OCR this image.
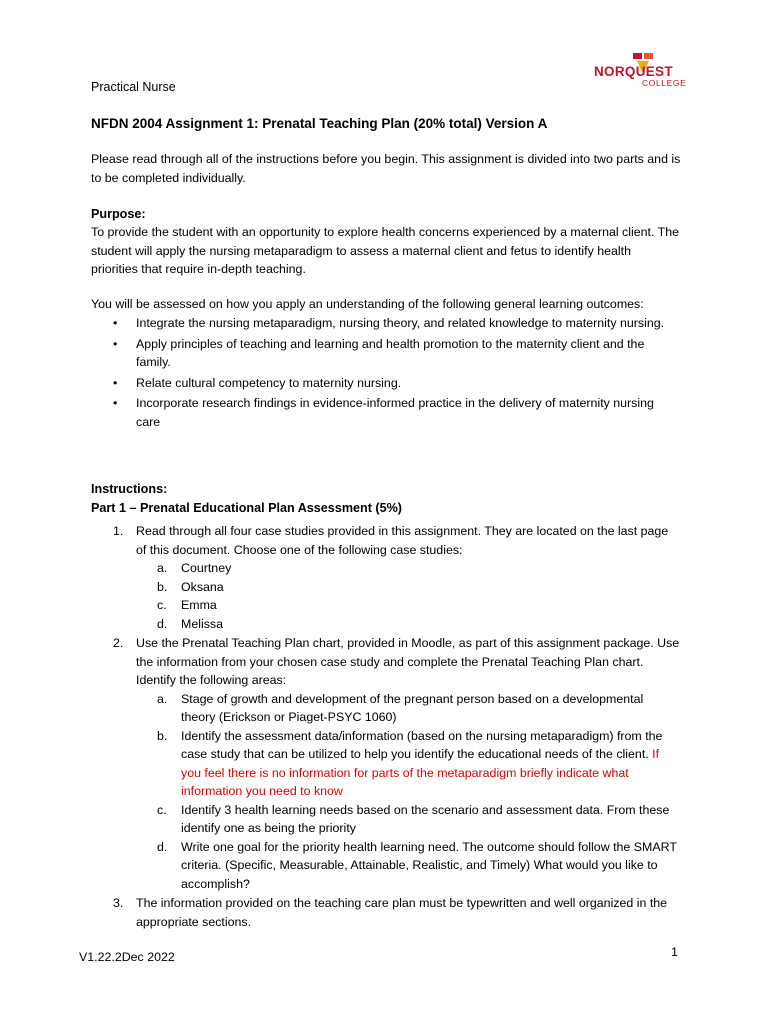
NORQUEST
COLLEGE
Practical Nurse
NFDN 2004 Assignment 1: Prenatal Teaching Plan (20% total) Version A
Please read through all of the instructions before you begin. This assignment is divided into two parts and is to be completed individually.
Purpose:
To provide the student with an opportunity to explore health concerns experienced by a maternal client. The student will apply the nursing metaparadigm to assess a maternal client and fetus to identify health priorities that require in-depth teaching.
You will be assessed on how you apply an understanding of the following general learning outcomes:
• Integrate the nursing metaparadigm, nursing theory, and related knowledge to maternity nursing.
• Apply principles of teaching and learning and health promotion to the maternity client and the family.
• Relate cultural competency to maternity nursing.
• Incorporate research findings in evidence-informed practice in the delivery of maternity nursing care
Instructions:
Part 1 – Prenatal Educational Plan Assessment (5%)
1. Read through all four case studies provided in this assignment. They are located on the last page of this document. Choose one of the following case studies:
a. Courtney
b. Oksana
c. Emma
d. Melissa
2. Use the Prenatal Teaching Plan chart, provided in Moodle, as part of this assignment package. Use the information from your chosen case study and complete the Prenatal Teaching Plan chart. Identify the following areas:
a. Stage of growth and development of the pregnant person based on a developmental theory (Erickson or Piaget-PSYC 1060)
b. Identify the assessment data/information (based on the nursing metaparadigm) from the case study that can be utilized to help you identify the educational needs of the client. If you feel there is no information for parts of the metaparadigm briefly indicate what information you need to know
c. Identify 3 health learning needs based on the scenario and assessment data. From these identify one as being the priority
d. Write one goal for the priority health learning need. The outcome should follow the SMART criteria. (Specific, Measurable, Attainable, Realistic, and Timely) What would you like to accomplish?
3. The information provided on the teaching care plan must be typewritten and well organized in the appropriate sections.
V1.22.2Dec 2022	1
